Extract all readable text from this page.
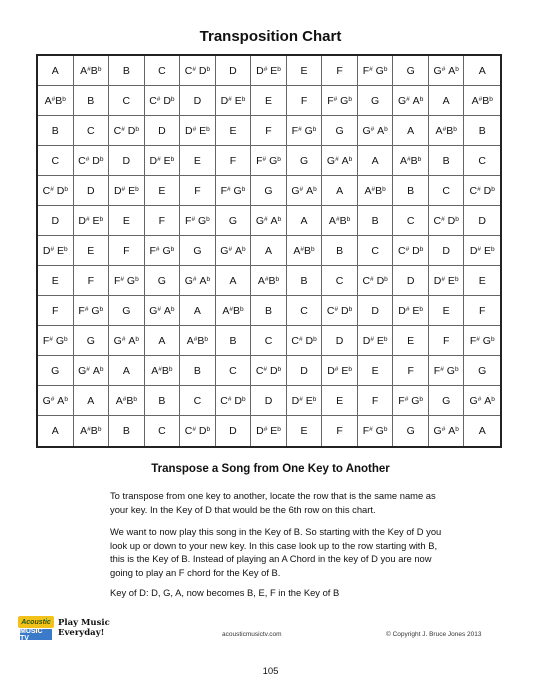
Transposition Chart
A	A# $B^b$	B	C	C# $D^b$	D	D# $E^b$	E	F	F# $G^b$	G	G# $A^b$	A
A# $B^b$	B	C	C# $D^b$	D	D# $E^b$	E	F	F# $G^b$	G	G# $A^b$	A	A# $B^b$
B	C	C# $D^b$	D	D# $E^b$	E	F	F# $G^b$	G	G# $A^b$	A	A# $B^b$	B
C	C# $D^b$	D	D# $E^b$	E	F	F# $G^b$	G	G# $A^b$	A	A# $B^b$	B	C
C# $D^b$	D	D# $E^b$	E	F	F# $G^b$	G	G# $A^b$	A	A# $B^b$	B	C	C# $D^b$
D	D# $E^b$	E	F	F# $G^b$	G	G# $A^b$	A	A# $B^b$	B	C	C# $D^b$	D
D# $E^b$	E	F	F# $G^b$	G	G# $A^b$	A	A# $B^b$	B	C	C# $D^b$	D	D# $E^b$
E	F	F# $G^b$	G	G# $A^b$	A	A# $B^b$	B	C	C# $D^b$	D	D# $E^b$	E
F	F# $G^b$	G	G# $A^b$	A	A# $B^b$	B	C	C# $D^b$	D	D# $E^b$	E	F
F# $G^b$	G	G# $A^b$	A	A# $B^b$	B	C	C# $D^b$	D	D# $E^b$	E	F	F# $G^b$
G	G# $A^b$	A	A# $B^b$	B	C	C# $D^b$	D	D# $E^b$	E	F	F# $G^b$	G
G# $A^b$	A	A# $B^b$	B	C	C# $D^b$	D	D# $E^b$	E	F	F# $G^b$	G	G# $A^b$
A	A# $B^b$	B	C	C# $D^b$	D	D# $E^b$	E	F	F# $G^b$	G	G# $A^b$	A
Transpose a Song from One Key to Another

To transpose from one key to another, locate the row that is the same name as your key. In the Key of D that would be the 6th row on this chart.

We want to now play this song in the Key of B. So starting with the Key of D you look up or down to your new key. In this case look up to the row starting with B, this is the Key of B. Instead of playing an A Chord in the key of D you are now going to play an F chord for the Key of B.

Key of D: D, G, A, now becomes B, E, F in the Key of B

Acoustic
MUSIC TV
Play Music
Everyday!	acousticmusictv.com	© Copyright J. Bruce Jones 2013
105
